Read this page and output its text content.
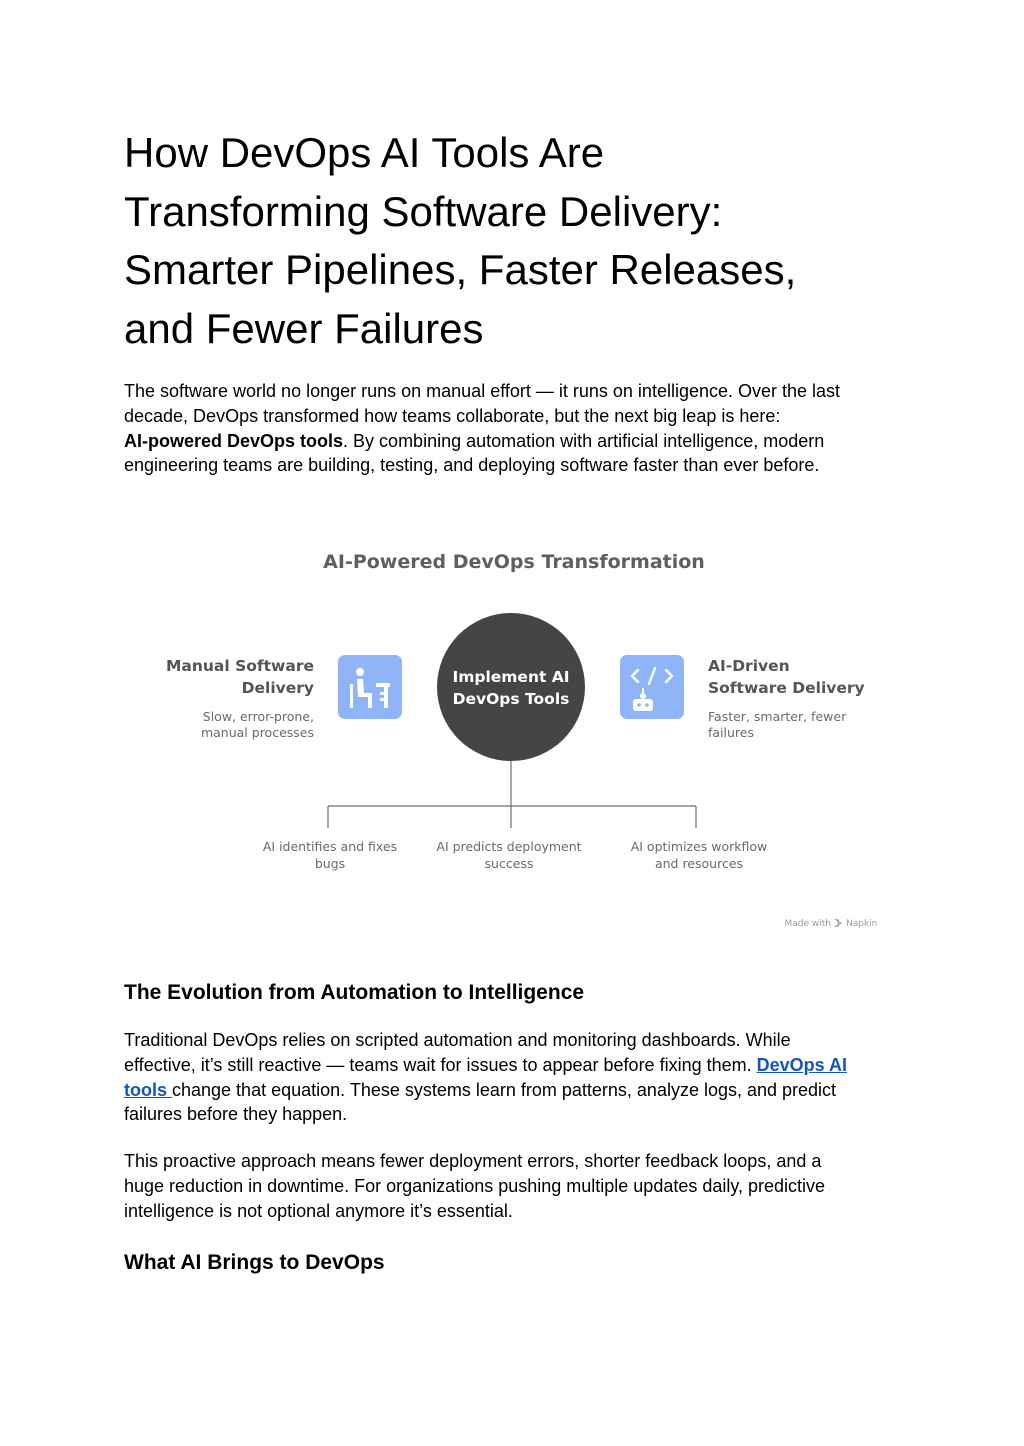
How DevOps AI Tools Are
Transforming Software Delivery:
Smarter Pipelines, Faster Releases,
and Fewer Failures

The software world no longer runs on manual effort — it runs on intelligence. Over the last
decade, DevOps transformed how teams collaborate, but the next big leap is here:
AI-powered DevOps tools. By combining automation with artificial intelligence, modern
engineering teams are building, testing, and deploying software faster than ever before.

AI-Powered DevOps Transformation
Manual Software
Delivery
Slow, error-prone,
manual processes
Implement AI
DevOps Tools
AI-Driven
Software Delivery
Faster, smarter, fewer
failures
AI identifies and fixes
bugs
AI predicts deployment
success
AI optimizes workflow
and resources
Made with Napkin
The Evolution from Automation to Intelligence

Traditional DevOps relies on scripted automation and monitoring dashboards. While
effective, it’s still reactive — teams wait for issues to appear before fixing them. DevOps AI
tools change that equation. These systems learn from patterns, analyze logs, and predict
failures before they happen.

This proactive approach means fewer deployment errors, shorter feedback loops, and a
huge reduction in downtime. For organizations pushing multiple updates daily, predictive
intelligence is not optional anymore it’s essential.

What AI Brings to DevOps
